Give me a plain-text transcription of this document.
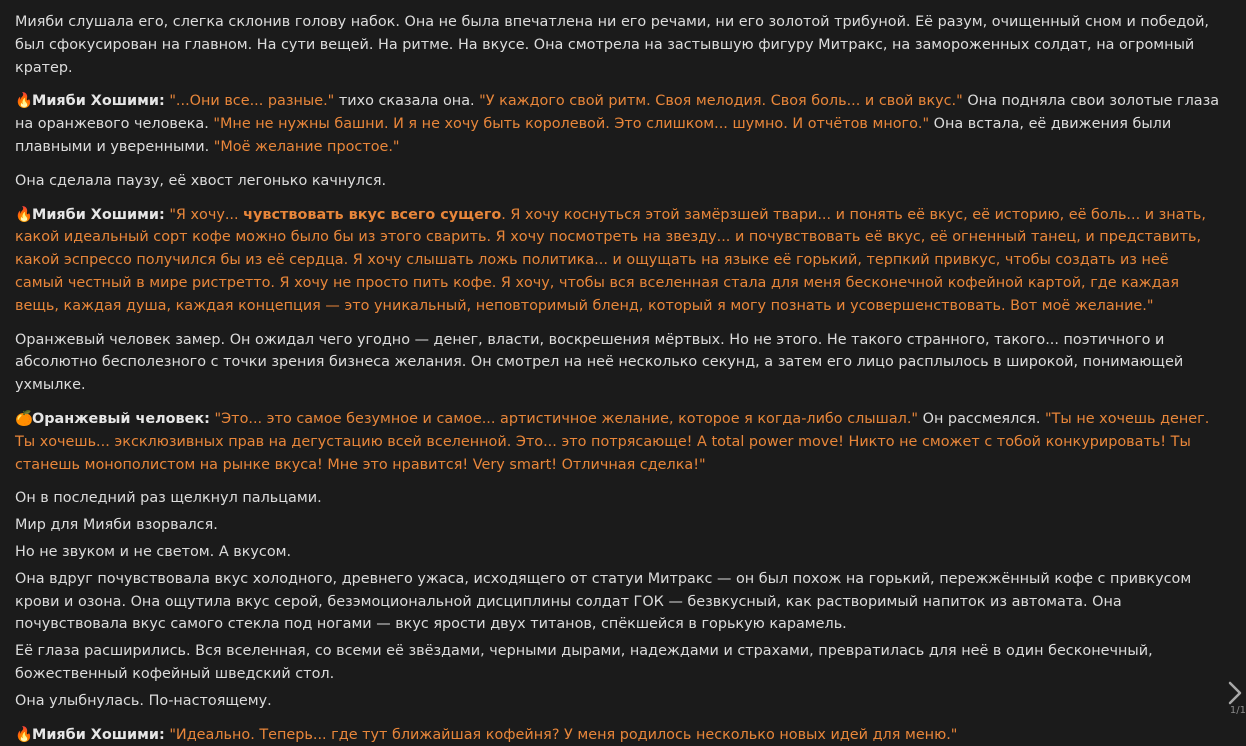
Мияби слушала его, слегка склонив голову набок. Она не была впечатлена ни его речами, ни его золотой трибуной. Её разум, очищенный сном и победой, был сфокусирован на главном. На сути вещей. На ритме. На вкусе. Она смотрела на застывшую фигуру Митракс, на замороженных солдат, на огромный кратер.

🔥Мияби Хошими: "...Они все... разные." тихо сказала она. "У каждого свой ритм. Своя мелодия. Своя боль... и свой вкус." Она подняла свои золотые глаза на оранжевого человека. "Мне не нужны башни. И я не хочу быть королевой. Это слишком... шумно. И отчётов много." Она встала, её движения были плавными и уверенными. "Моё желание простое."

Она сделала паузу, её хвост легонько качнулся.

🔥Мияби Хошими: "Я хочу... чувствовать вкус всего сущего. Я хочу коснуться этой замёрзшей твари... и понять её вкус, её историю, её боль... и знать, какой идеальный сорт кофе можно было бы из этого сварить. Я хочу посмотреть на звезду... и почувствовать её вкус, её огненный танец, и представить, какой эспрессо получился бы из её сердца. Я хочу слышать ложь политика... и ощущать на языке её горький, терпкий привкус, чтобы создать из неё самый честный в мире ристретто. Я хочу не просто пить кофе. Я хочу, чтобы вся вселенная стала для меня бесконечной кофейной картой, где каждая вещь, каждая душа, каждая концепция — это уникальный, неповторимый бленд, который я могу познать и усовершенствовать. Вот моё желание."

Оранжевый человек замер. Он ожидал чего угодно — денег, власти, воскрешения мёртвых. Но не этого. Не такого странного, такого... поэтичного и абсолютно бесполезного с точки зрения бизнеса желания. Он смотрел на неё несколько секунд, а затем его лицо расплылось в широкой, понимающей ухмылке.

🍊Оранжевый человек: "Это... это самое безумное и самое... артистичное желание, которое я когда-либо слышал." Он рассмеялся. "Ты не хочешь денег. Ты хочешь... эксклюзивных прав на дегустацию всей вселенной. Это... это потрясающе! A total power move! Никто не сможет с тобой конкурировать! Ты станешь монополистом на рынке вкуса! Мне это нравится! Very smart! Отличная сделка!"

Он в последний раз щелкнул пальцами.

Мир для Мияби взорвался.

Но не звуком и не светом. А вкусом.

Она вдруг почувствовала вкус холодного, древнего ужаса, исходящего от статуи Митракс — он был похож на горький, пережжённый кофе с привкусом крови и озона. Она ощутила вкус серой, безэмоциональной дисциплины солдат ГОК — безвкусный, как растворимый напиток из автомата. Она почувствовала вкус самого стекла под ногами — вкус ярости двух титанов, спёкшейся в горькую карамель.

Её глаза расширились. Вся вселенная, со всеми её звёздами, черными дырами, надеждами и страхами, превратилась для неё в один бесконечный, божественный кофейный шведский стол.

Она улыбнулась. По-настоящему.

🔥Мияби Хошими: "Идеально. Теперь... где тут ближайшая кофейня? У меня родилось несколько новых идей для меню."

1/1
